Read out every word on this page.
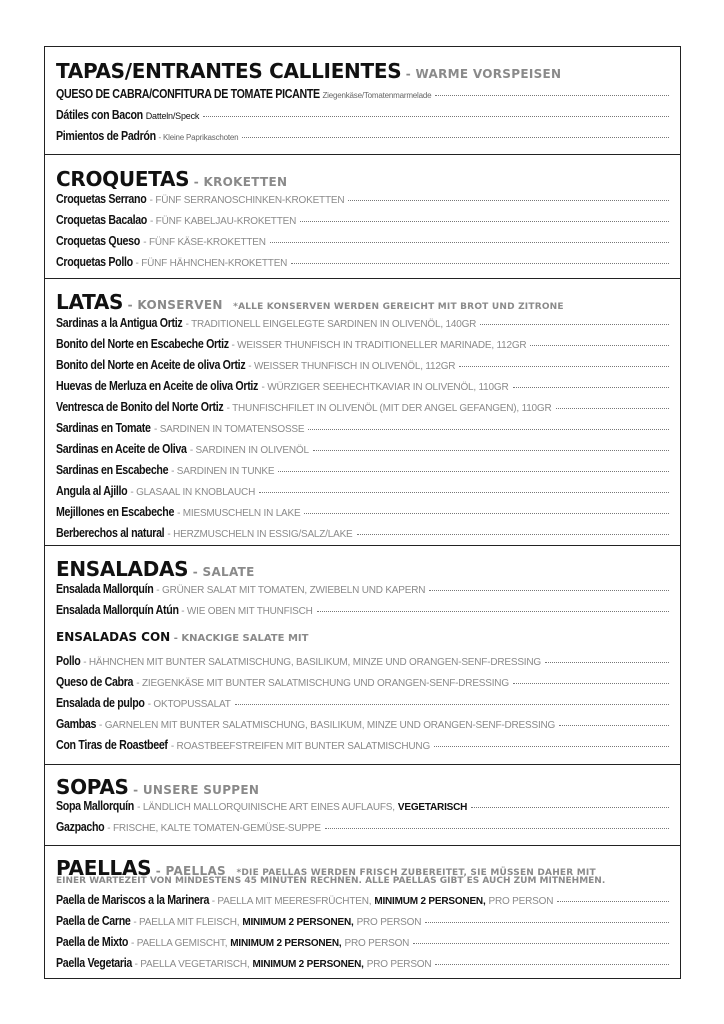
TAPAS/ENTRANTES CALLIENTES - WARME VORSPEISEN
QUESO DE CABRA/CONFITURA DE TOMATE PICANTE Ziegenkäse/Tomatenmarmelade
Dátiles con Bacon Datteln/Speck
Pimientos de Padrón - Kleine Paprikaschoten
CROQUETAS - KROKETTEN
Croquetas Serrano - FÜNF SERRANOSCHINKEN-KROKETTEN
Croquetas Bacalao - FÜNF KABELJAU-KROKETTEN
Croquetas Queso - FÜNF KÄSE-KROKETTEN
Croquetas Pollo - FÜNF HÄHNCHEN-KROKETTEN
LATAS - KONSERVEN *ALLE KONSERVEN WERDEN GEREICHT MIT BROT UND ZITRONE
Sardinas a la Antigua Ortiz - TRADITIONELL EINGELEGTE SARDINEN IN OLIVENÖL, 140GR
Bonito del Norte en Escabeche Ortiz - WEISSER THUNFISCH IN TRADITIONELLER MARINADE, 112GR
Bonito del Norte en Aceite de oliva Ortiz - WEISSER THUNFISCH IN OLIVENÖL, 112GR
Huevas de Merluza en Aceite de oliva Ortiz - WÜRZIGER SEEHECHTKAVIAR IN OLIVENÖL, 110GR
Ventresca de Bonito del Norte Ortiz - THUNFISCHFILET IN OLIVENÖL (MIT DER ANGEL GEFANGEN), 110GR
Sardinas en Tomate - SARDINEN IN TOMATENSOSSE
Sardinas en Aceite de Oliva - SARDINEN IN OLIVENÖL
Sardinas en Escabeche - SARDINEN IN TUNKE
Angula al Ajillo - GLASAAL IN KNOBLAUCH
Mejillones en Escabeche - MIESMUSCHELN IN LAKE
Berberechos al natural - HERZMUSCHELN IN ESSIG/SALZ/LAKE
ENSALADAS - SALATE
Ensalada Mallorquín - GRÜNER SALAT MIT TOMATEN, ZWIEBELN UND KAPERN
Ensalada Mallorquín Atún - WIE OBEN MIT THUNFISCH
ENSALADAS CON - KNACKIGE SALATE MIT
Pollo - HÄHNCHEN MIT BUNTER SALATMISCHUNG, BASILIKUM, MINZE UND ORANGEN-SENF-DRESSING
Queso de Cabra - ZIEGENKÄSE MIT BUNTER SALATMISCHUNG UND ORANGEN-SENF-DRESSING
Ensalada de pulpo - OKTOPUSSALAT
Gambas - GARNELEN MIT BUNTER SALATMISCHUNG, BASILIKUM, MINZE UND ORANGEN-SENF-DRESSING
Con Tiras de Roastbeef - ROASTBEEFSTREIFEN MIT BUNTER SALATMISCHUNG
SOPAS - UNSERE SUPPEN
Sopa Mallorquín - LÄNDLICH MALLORQUINISCHE ART EINES AUFLAUFS, VEGETARISCH
Gazpacho - FRISCHE, KALTE TOMATEN-GEMÜSE-SUPPE
PAELLAS - PAELLAS *DIE PAELLAS WERDEN FRISCH ZUBEREITET, SIE MÜSSEN DAHER MIT
EINER WARTEZEIT VON MINDESTENS 45 MINUTEN RECHNEN. ALLE PAELLAS GIBT ES AUCH ZUM MITNEHMEN.
Paella de Mariscos a la Marinera - PAELLA MIT MEERESFRÜCHTEN, MINIMUM 2 PERSONEN, PRO PERSON
Paella de Carne - PAELLA MIT FLEISCH, MINIMUM 2 PERSONEN, PRO PERSON
Paella de Mixto - PAELLA GEMISCHT, MINIMUM 2 PERSONEN, PRO PERSON
Paella Vegetaria - PAELLA VEGETARISCH, MINIMUM 2 PERSONEN, PRO PERSON
